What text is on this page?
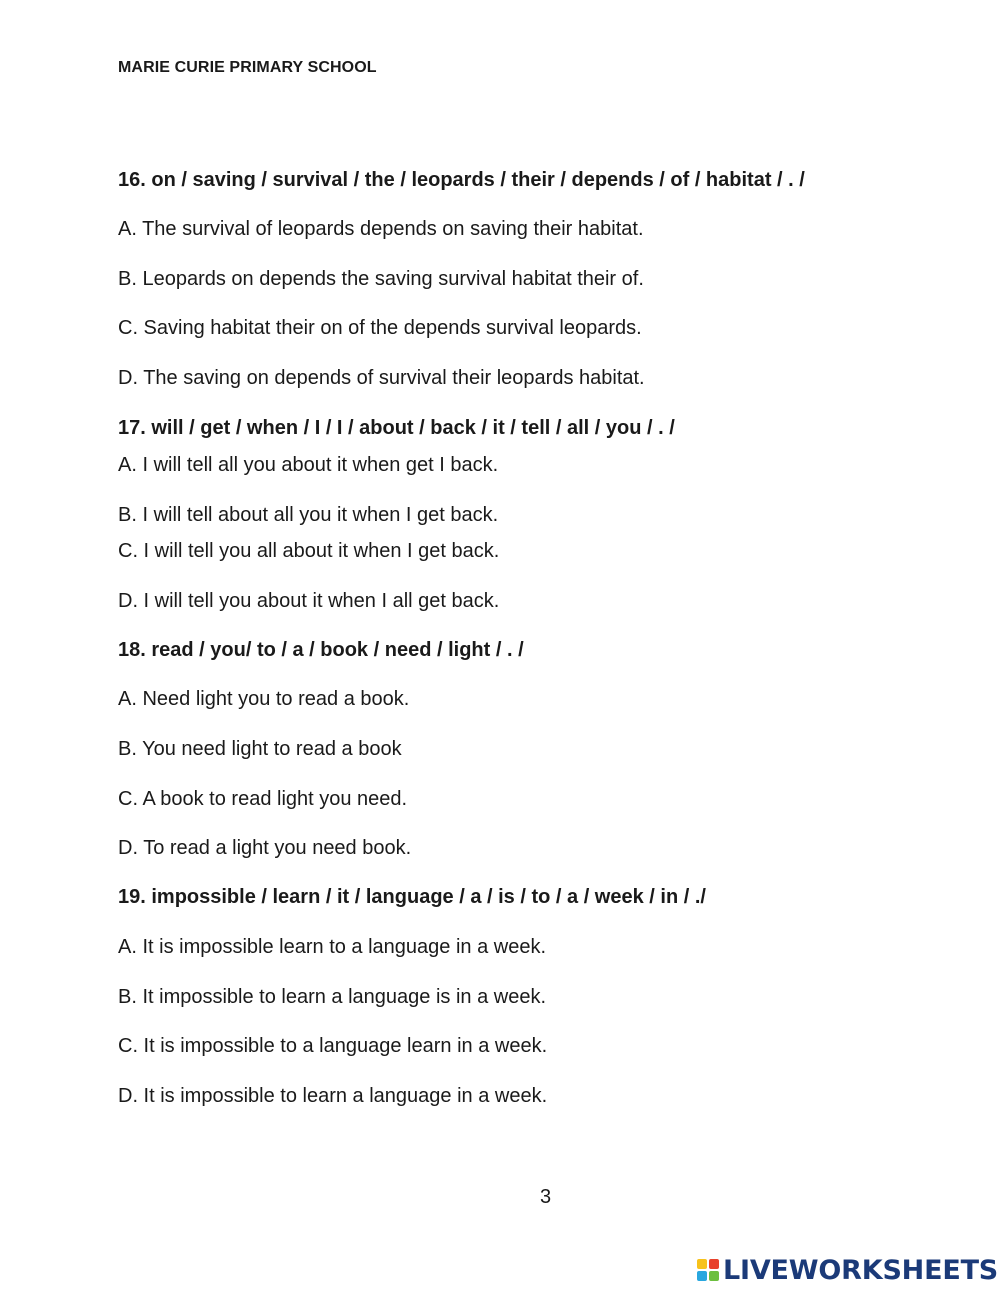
MARIE CURIE PRIMARY SCHOOL
16. on / saving / survival / the / leopards / their / depends / of / habitat / . /
A. The survival of leopards depends on saving their habitat.
B. Leopards on depends the saving survival habitat their of.
C. Saving habitat their on of the depends survival leopards.
D. The saving on depends of survival their leopards habitat.
17. will / get / when / I / I / about / back / it / tell / all / you / . /
A. I will tell all you about it when get I back.
B. I will tell about all you it when I get back.
C. I will tell you all about it when I get back.
D. I will tell you about it when I all get back.
18. read / you/ to / a / book / need / light / . /
A. Need light you to read a book.
B. You need light to read a book
C. A book to read light you need.
D. To read a light you need book.
19. impossible / learn / it / language / a / is / to / a / week / in / ./
A. It is impossible learn to a language in a week.
B. It impossible to learn a language is in a week.
C. It is impossible to a language learn in a week.
D. It is impossible to learn a language in a week.
3
LIVEWORKSHEETS
